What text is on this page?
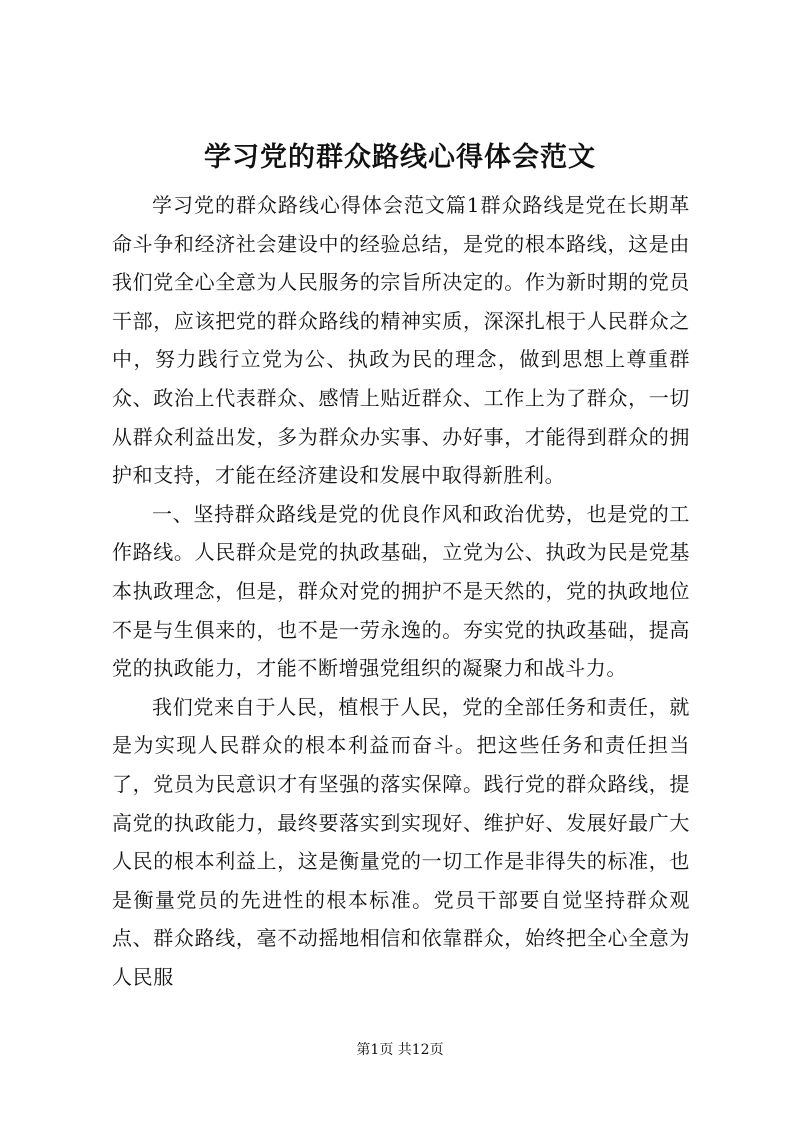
学习党的群众路线心得体会范文

学习党的群众路线心得体会范文篇1群众路线是党在长期革命斗争和经济社会建设中的经验总结，是党的根本路线，这是由我们党全心全意为人民服务的宗旨所决定的。作为新时期的党员干部，应该把党的群众路线的精神实质，深深扎根于人民群众之中，努力践行立党为公、执政为民的理念，做到思想上尊重群众、政治上代表群众、感情上贴近群众、工作上为了群众，一切从群众利益出发，多为群众办实事、办好事，才能得到群众的拥护和支持，才能在经济建设和发展中取得新胜利。

一、坚持群众路线是党的优良作风和政治优势，也是党的工作路线。人民群众是党的执政基础，立党为公、执政为民是党基本执政理念，但是，群众对党的拥护不是天然的，党的执政地位不是与生俱来的，也不是一劳永逸的。夯实党的执政基础，提高党的执政能力，才能不断增强党组织的凝聚力和战斗力。

我们党来自于人民，植根于人民，党的全部任务和责任，就是为实现人民群众的根本利益而奋斗。把这些任务和责任担当了，党员为民意识才有坚强的落实保障。践行党的群众路线，提高党的执政能力，最终要落实到实现好、维护好、发展好最广大人民的根本利益上，这是衡量党的一切工作是非得失的标准，也是衡量党员的先进性的根本标准。党员干部要自觉坚持群众观点、群众路线，毫不动摇地相信和依靠群众，始终把全心全意为人民服

第1页 共12页
